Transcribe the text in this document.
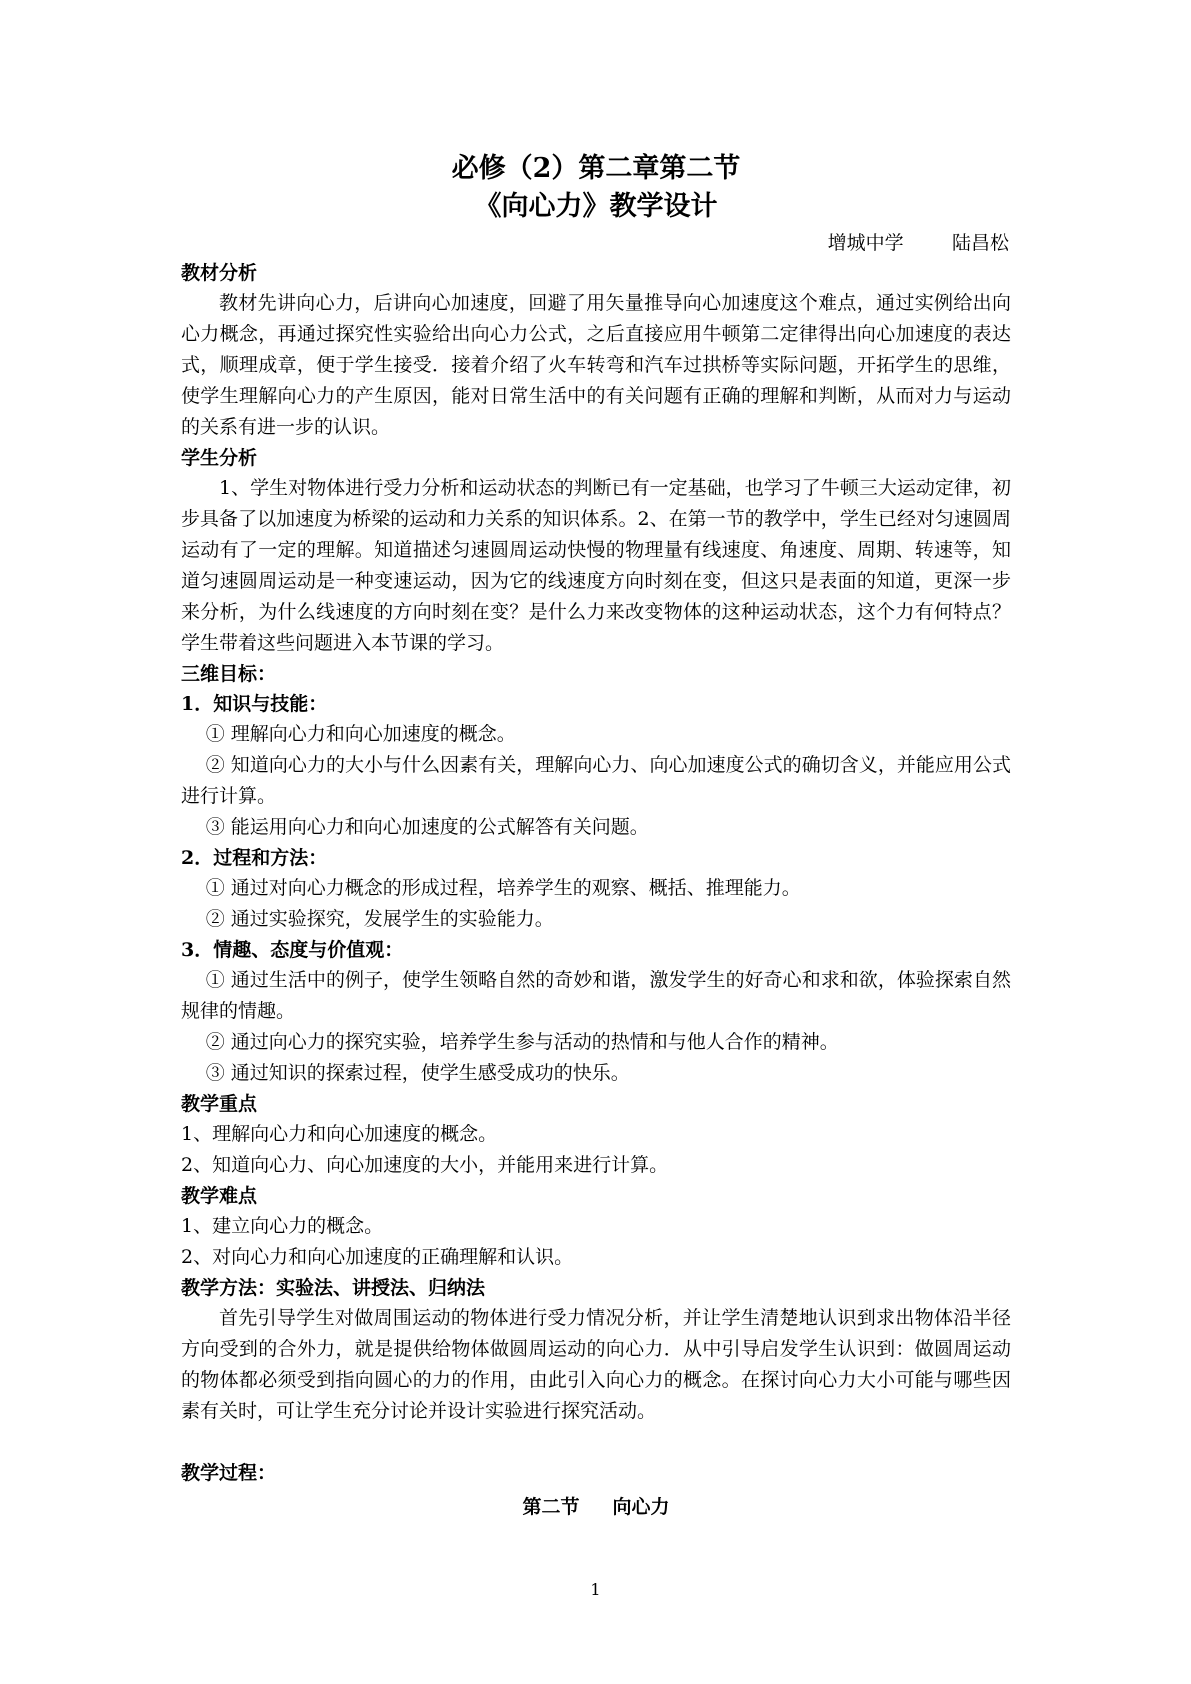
必修（2）第二章第二节

《向心力》教学设计

增城中学        陆昌松

教材分析

教材先讲向心力，后讲向心加速度，回避了用矢量推导向心加速度这个难点，通过实例给出向心力概念，再通过探究性实验给出向心力公式，之后直接应用牛顿第二定律得出向心加速度的表达式，顺理成章，便于学生接受．接着介绍了火车转弯和汽车过拱桥等实际问题，开拓学生的思维，使学生理解向心力的产生原因，能对日常生活中的有关问题有正确的理解和判断，从而对力与运动的关系有进一步的认识。

学生分析

1、学生对物体进行受力分析和运动状态的判断已有一定基础，也学习了牛顿三大运动定律，初步具备了以加速度为桥梁的运动和力关系的知识体系。2、在第一节的教学中，学生已经对匀速圆周运动有了一定的理解。知道描述匀速圆周运动快慢的物理量有线速度、角速度、周期、转速等，知道匀速圆周运动是一种变速运动，因为它的线速度方向时刻在变，但这只是表面的知道，更深一步来分析，为什么线速度的方向时刻在变？是什么力来改变物体的这种运动状态，这个力有何特点？学生带着这些问题进入本节课的学习。

三维目标：

1．知识与技能：

① 理解向心力和向心加速度的概念。

② 知道向心力的大小与什么因素有关，理解向心力、向心加速度公式的确切含义，并能应用公式进行计算。

③ 能运用向心力和向心加速度的公式解答有关问题。

2．过程和方法：

① 通过对向心力概念的形成过程，培养学生的观察、概括、推理能力。

② 通过实验探究，发展学生的实验能力。

3．情趣、态度与价值观：

① 通过生活中的例子，使学生领略自然的奇妙和谐，激发学生的好奇心和求和欲，体验探索自然规律的情趣。

② 通过向心力的探究实验，培养学生参与活动的热情和与他人合作的精神。

③ 通过知识的探索过程，使学生感受成功的快乐。

教学重点

1、理解向心力和向心加速度的概念。

2、知道向心力、向心加速度的大小，并能用来进行计算。

教学难点

1、建立向心力的概念。

2、对向心力和向心加速度的正确理解和认识。

教学方法：实验法、讲授法、归纳法

首先引导学生对做周围运动的物体进行受力情况分析，并让学生清楚地认识到求出物体沿半径方向受到的合外力，就是提供给物体做圆周运动的向心力．从中引导启发学生认识到：做圆周运动的物体都必须受到指向圆心的力的作用，由此引入向心力的概念。在探讨向心力大小可能与哪些因素有关时，可让学生充分讨论并设计实验进行探究活动。

教学过程：

第二节     向心力

1
